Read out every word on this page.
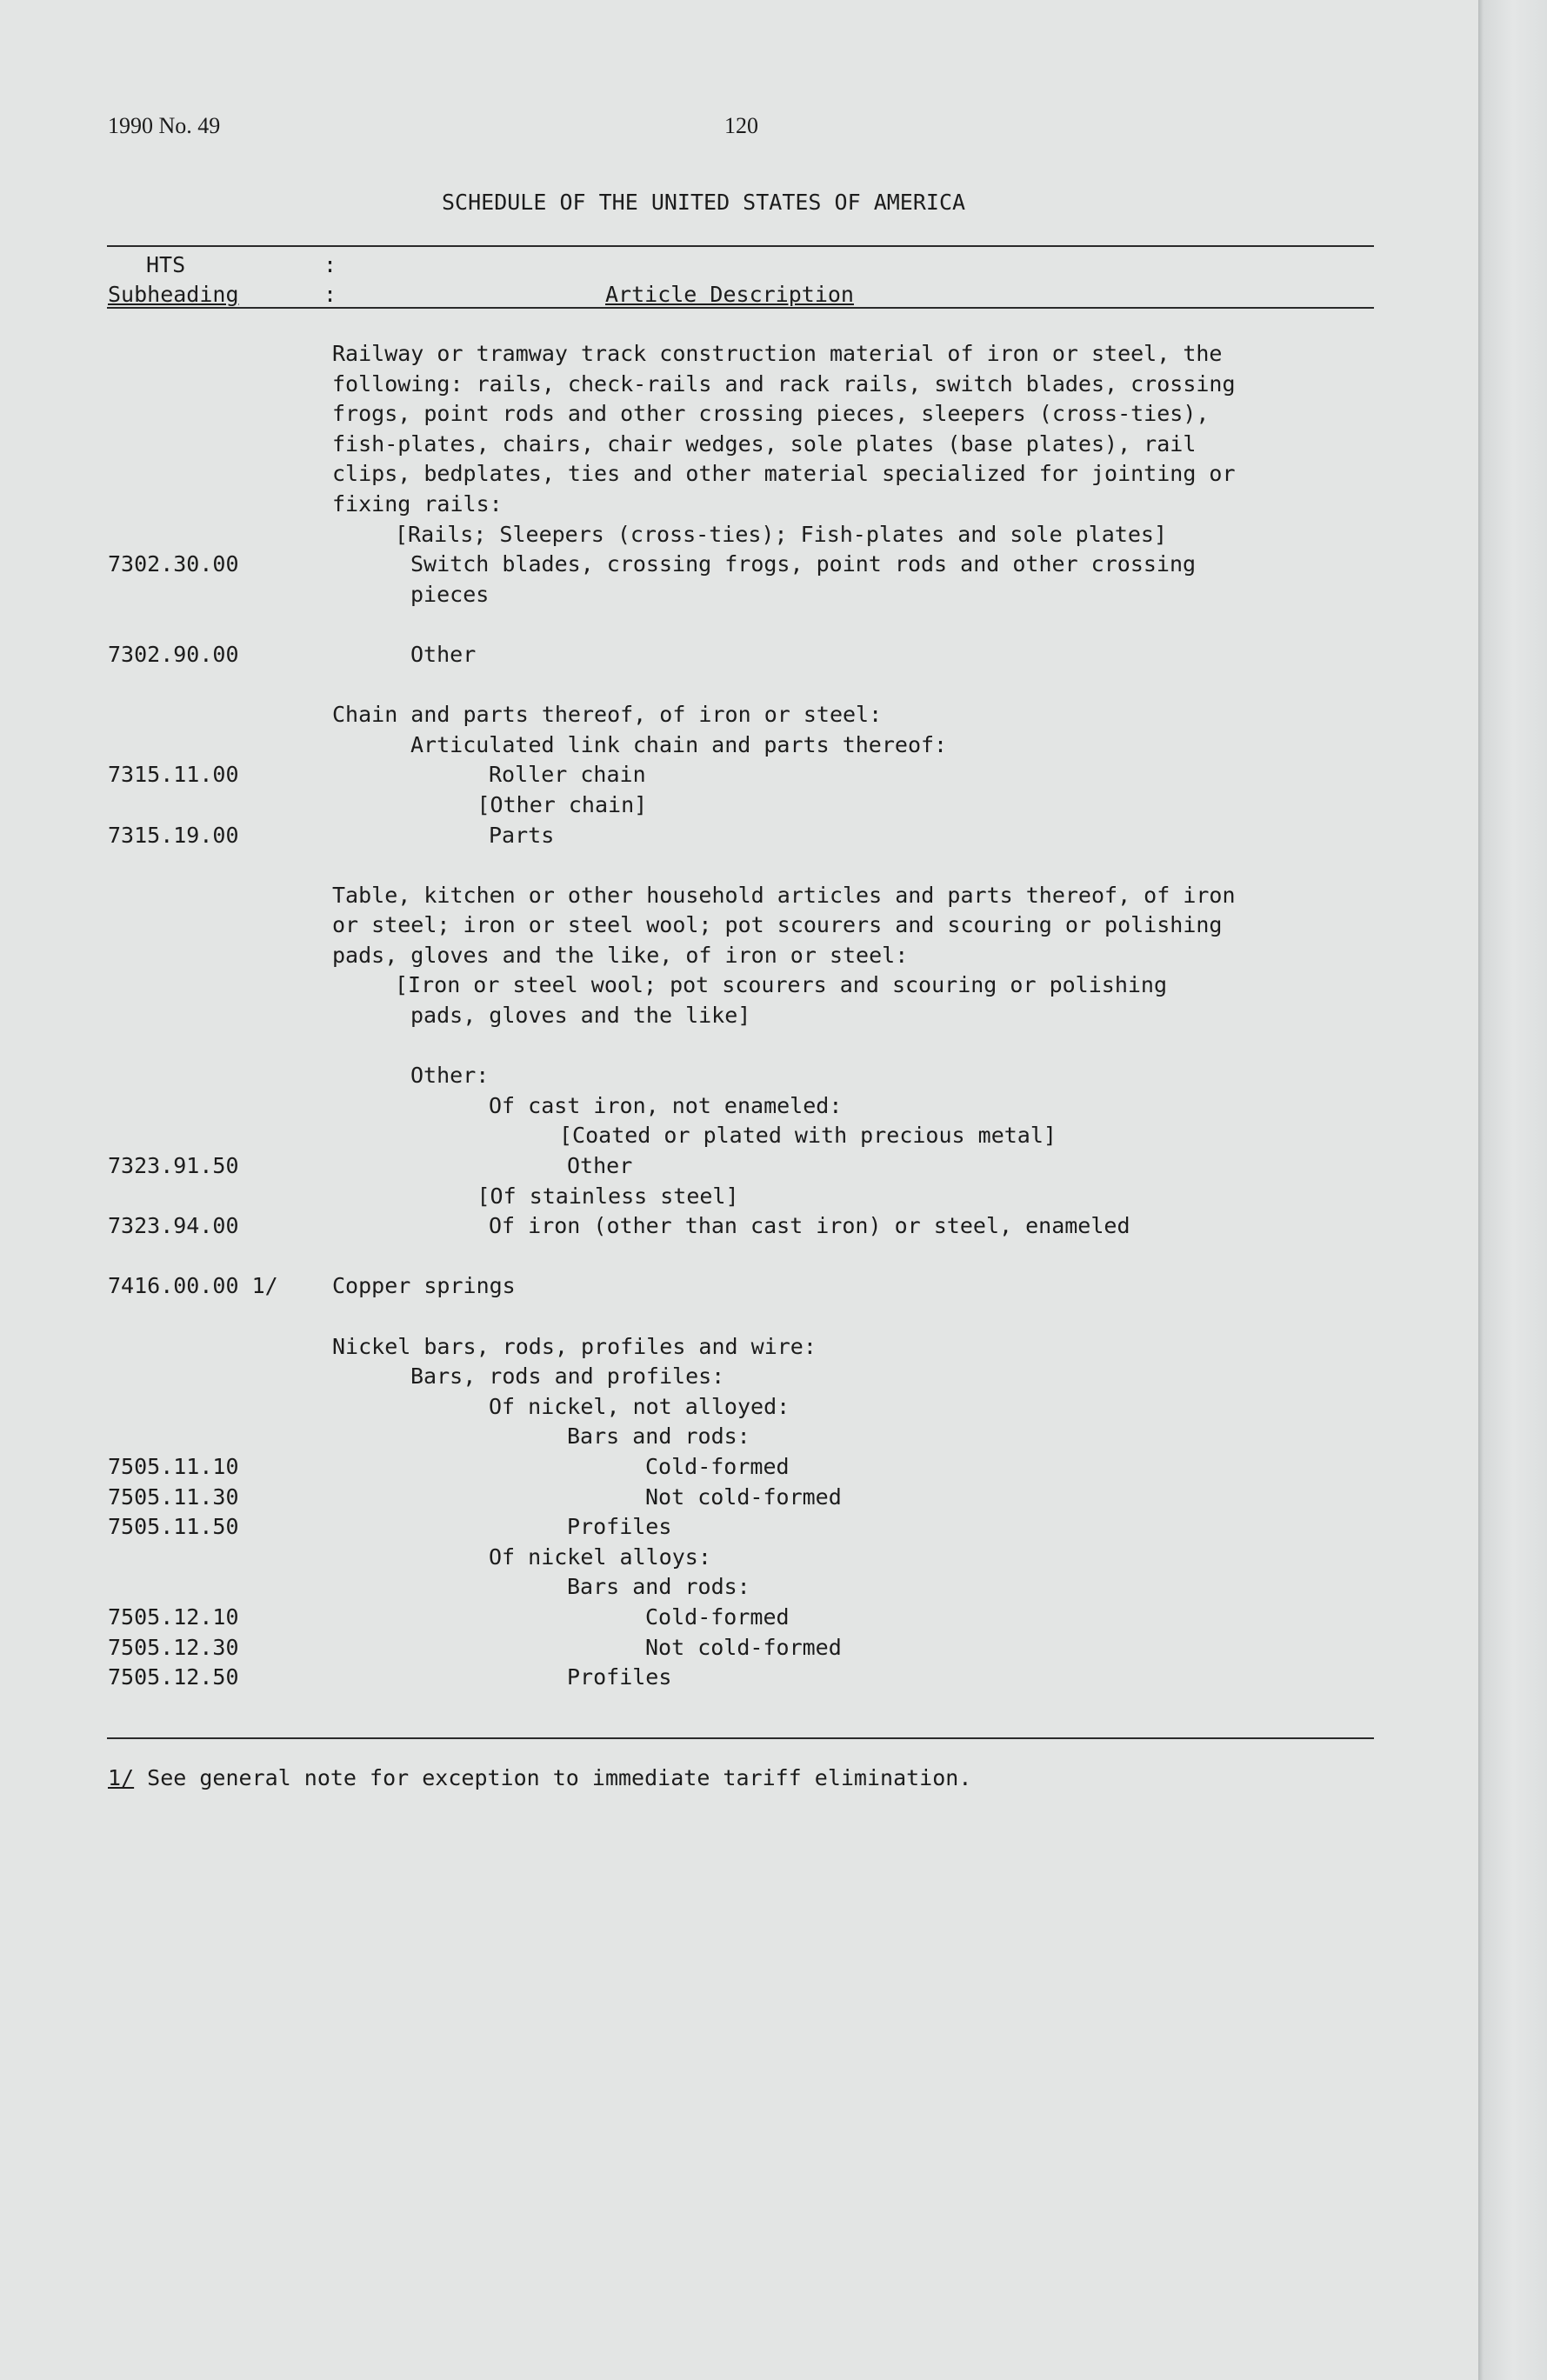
1990 No. 49	120
SCHEDULE OF THE UNITED STATES OF AMERICA
HTS	:
Subheading	:	Article Description
Railway or tramway track construction material of iron or steel, the
following: rails, check-rails and rack rails, switch blades, crossing
frogs, point rods and other crossing pieces, sleepers (cross-ties),
fish-plates, chairs, chair wedges, sole plates (base plates), rail
clips, bedplates, ties and other material specialized for jointing or
fixing rails:
[Rails; Sleepers (cross-ties); Fish-plates and sole plates]
7302.30.00	Switch blades, crossing frogs, point rods and other crossing
pieces
7302.90.00	Other
Chain and parts thereof, of iron or steel:
Articulated link chain and parts thereof:
7315.11.00	Roller chain
[Other chain]
7315.19.00	Parts
Table, kitchen or other household articles and parts thereof, of iron
or steel; iron or steel wool; pot scourers and scouring or polishing
pads, gloves and the like, of iron or steel:
[Iron or steel wool; pot scourers and scouring or polishing
pads, gloves and the like]
Other:
Of cast iron, not enameled:
[Coated or plated with precious metal]
7323.91.50	Other
[Of stainless steel]
7323.94.00	Of iron (other than cast iron) or steel, enameled
7416.00.00 1/ Copper springs
Nickel bars, rods, profiles and wire:
Bars, rods and profiles:
Of nickel, not alloyed:
Bars and rods:
7505.11.10	Cold-formed
7505.11.30	Not cold-formed
7505.11.50	Profiles
Of nickel alloys:
Bars and rods:
7505.12.10	Cold-formed
7505.12.30	Not cold-formed
7505.12.50	Profiles
1/ See general note for exception to immediate tariff elimination.
